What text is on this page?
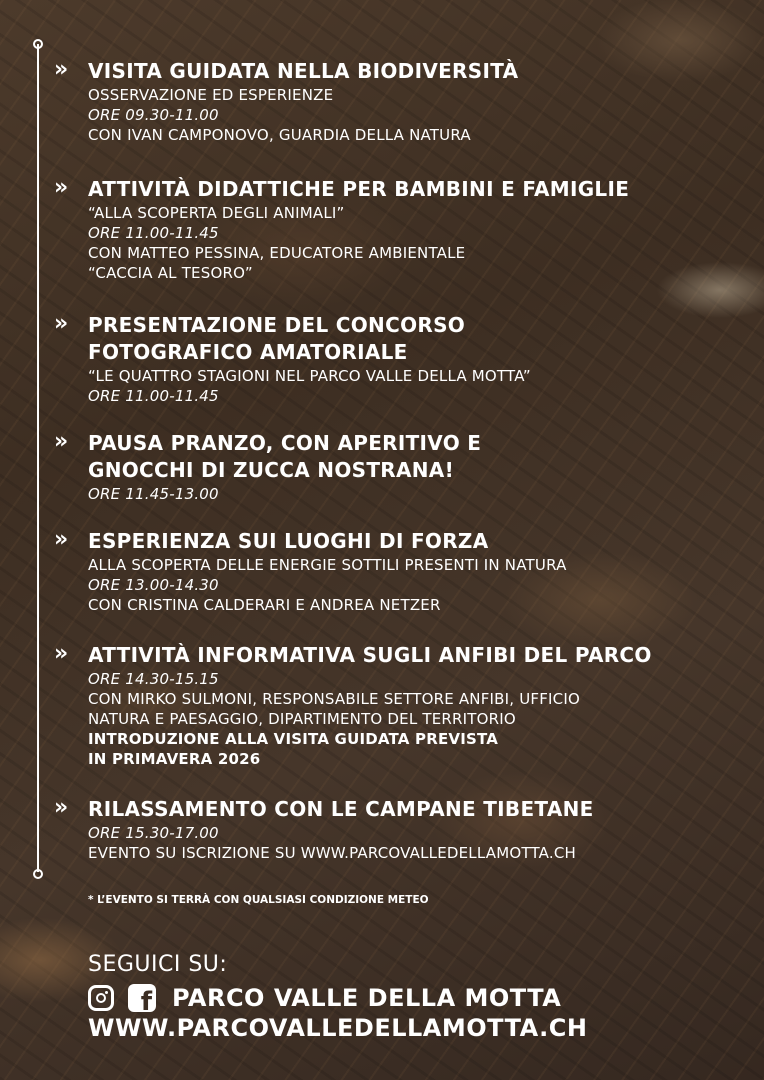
»	VISITA GUIDATA NELLA BIODIVERSITÀ
OSSERVAZIONE ED ESPERIENZE
ORE 09.30-11.00
CON IVAN CAMPONOVO, GUARDIA DELLA NATURA
»	ATTIVITÀ DIDATTICHE PER BAMBINI E FAMIGLIE
“ALLA SCOPERTA DEGLI ANIMALI”
ORE 11.00-11.45
CON MATTEO PESSINA, EDUCATORE AMBIENTALE
“CACCIA AL TESORO”
»	PRESENTAZIONE DEL CONCORSO FOTOGRAFICO AMATORIALE
“LE QUATTRO STAGIONI NEL PARCO VALLE DELLA MOTTA”
ORE 11.00-11.45
»	PAUSA PRANZO, CON APERITIVO E GNOCCHI DI ZUCCA NOSTRANA!
ORE 11.45-13.00
»	ESPERIENZA SUI LUOGHI DI FORZA
ALLA SCOPERTA DELLE ENERGIE SOTTILI PRESENTI IN NATURA
ORE 13.00-14.30
CON CRISTINA CALDERARI E ANDREA NETZER
»	ATTIVITÀ INFORMATIVA SUGLI ANFIBI DEL PARCO
ORE 14.30-15.15
CON MIRKO SULMONI, RESPONSABILE SETTORE ANFIBI, UFFICIO
NATURA E PAESAGGIO, DIPARTIMENTO DEL TERRITORIO
INTRODUZIONE ALLA VISITA GUIDATA PREVISTA
IN PRIMAVERA 2026
»	RILASSAMENTO CON LE CAMPANE TIBETANE
ORE 15.30-17.00
EVENTO SU ISCRIZIONE SU WWW.PARCOVALLEDELLAMOTTA.CH
* L’EVENTO SI TERRÀ CON QUALSIASI CONDIZIONE METEO
SEGUICI SU:
f PARCO VALLE DELLA MOTTA
WWW.PARCOVALLEDELLAMOTTA.CH
